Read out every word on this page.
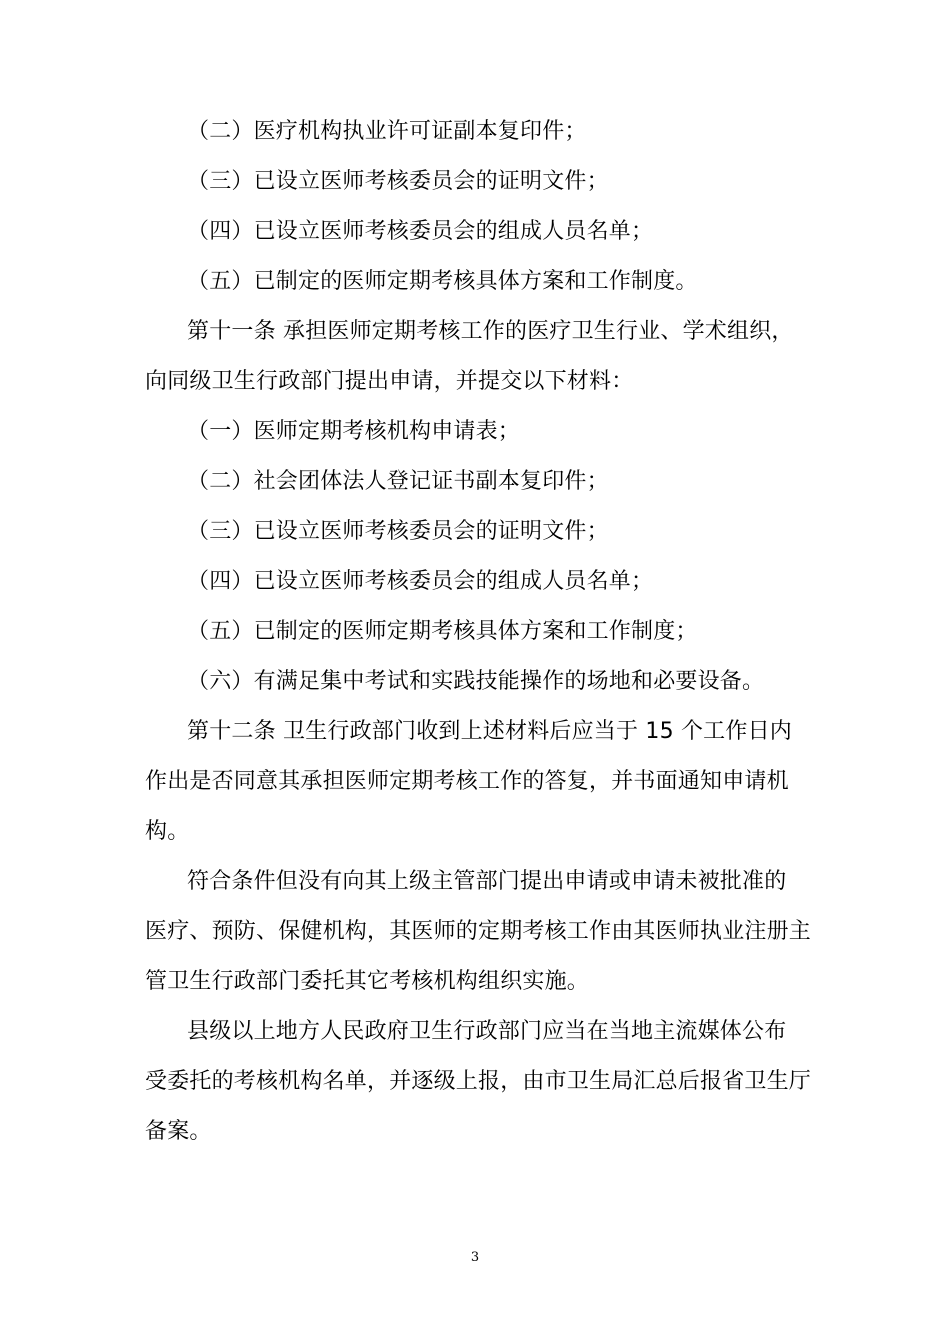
（二）医疗机构执业许可证副本复印件；
（三）已设立医师考核委员会的证明文件；
（四）已设立医师考核委员会的组成人员名单；
（五）已制定的医师定期考核具体方案和工作制度。
第十一条 承担医师定期考核工作的医疗卫生行业、学术组织，
向同级卫生行政部门提出申请，并提交以下材料：
（一）医师定期考核机构申请表；
（二）社会团体法人登记证书副本复印件；
（三）已设立医师考核委员会的证明文件；
（四）已设立医师考核委员会的组成人员名单；
（五）已制定的医师定期考核具体方案和工作制度；
（六）有满足集中考试和实践技能操作的场地和必要设备。
第十二条 卫生行政部门收到上述材料后应当于 15 个工作日内
作出是否同意其承担医师定期考核工作的答复，并书面通知申请机
构。
符合条件但没有向其上级主管部门提出申请或申请未被批准的
医疗、预防、保健机构，其医师的定期考核工作由其医师执业注册主
管卫生行政部门委托其它考核机构组织实施。
县级以上地方人民政府卫生行政部门应当在当地主流媒体公布
受委托的考核机构名单，并逐级上报，由市卫生局汇总后报省卫生厅
备案。
3
